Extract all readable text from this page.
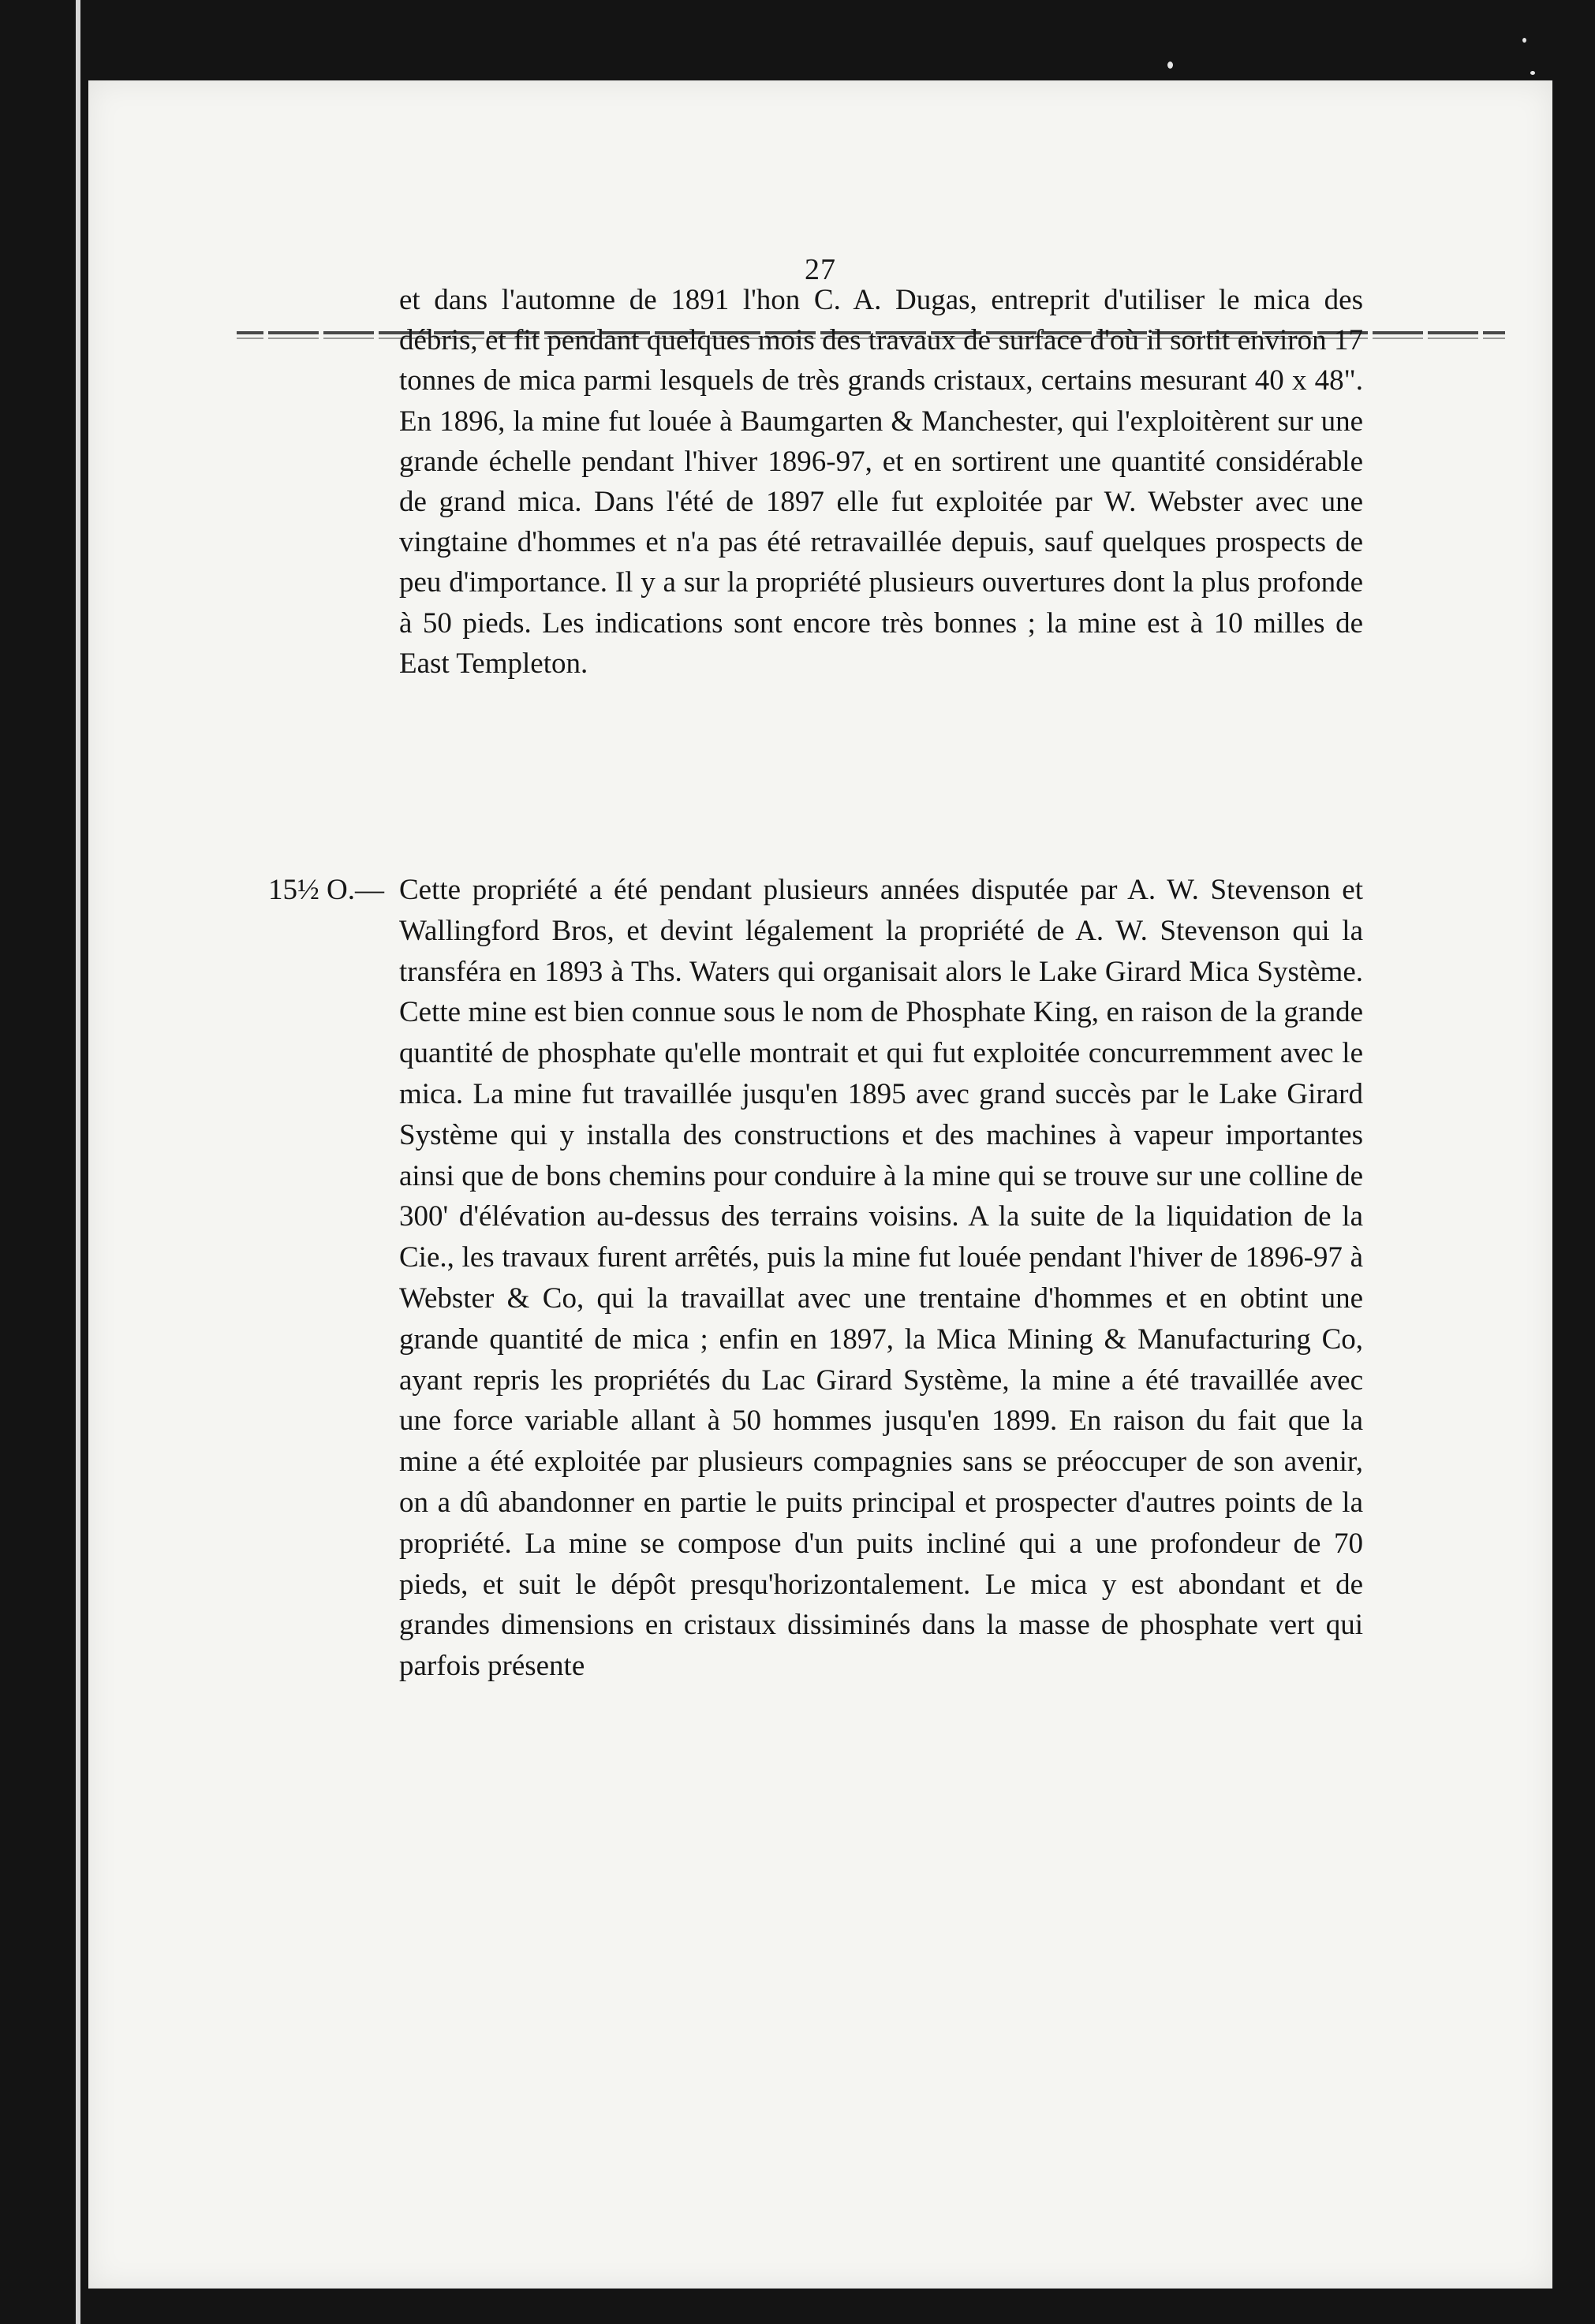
27

et dans l'automne de 1891 l'hon C. A. Dugas, entreprit d'utiliser le mica des débris, et fit pendant quelques mois des travaux de surface d'où il sortit environ 17 tonnes de mica parmi lesquels de très grands cristaux, certains mesurant 40 x 48". En 1896, la mine fut louée à Baumgarten & Manchester, qui l'exploitèrent sur une grande échelle pendant l'hiver 1896-97, et en sortirent une quantité considérable de grand mica. Dans l'été de 1897 elle fut exploitée par W. Webster avec une vingtaine d'hommes et n'a pas été retravaillée depuis, sauf quelques prospects de peu d'importance. Il y a sur la propriété plusieurs ouvertures dont la plus profonde à 50 pieds. Les indications sont encore très bonnes ; la mine est à 10 milles de East Templeton.

15½ O.— Cette propriété a été pendant plusieurs années disputée par A. W. Stevenson et Wallingford Bros, et devint légalement la propriété de A. W. Stevenson qui la transféra en 1893 à Ths. Waters qui organisait alors le Lake Girard Mica Système. Cette mine est bien connue sous le nom de Phosphate King, en raison de la grande quantité de phosphate qu'elle montrait et qui fut exploitée concurremment avec le mica. La mine fut travaillée jusqu'en 1895 avec grand succès par le Lake Girard Système qui y installa des constructions et des machines à vapeur importantes ainsi que de bons chemins pour conduire à la mine qui se trouve sur une colline de 300' d'élévation au-dessus des terrains voisins. A la suite de la liquidation de la Cie., les travaux furent arrêtés, puis la mine fut louée pendant l'hiver de 1896-97 à Webster & Co, qui la travaillat avec une trentaine d'hommes et en obtint une grande quantité de mica ; enfin en 1897, la Mica Mining & Manufacturing Co, ayant repris les propriétés du Lac Girard Système, la mine a été travaillée avec une force variable allant à 50 hommes jusqu'en 1899. En raison du fait que la mine a été exploitée par plusieurs compagnies sans se préoccuper de son avenir, on a dû abandonner en partie le puits principal et prospecter d'autres points de la propriété. La mine se compose d'un puits incliné qui a une profondeur de 70 pieds, et suit le dépôt presqu'horizontalement. Le mica y est abondant et de grandes dimensions en cristaux dissiminés dans la masse de phosphate vert qui parfois présente
